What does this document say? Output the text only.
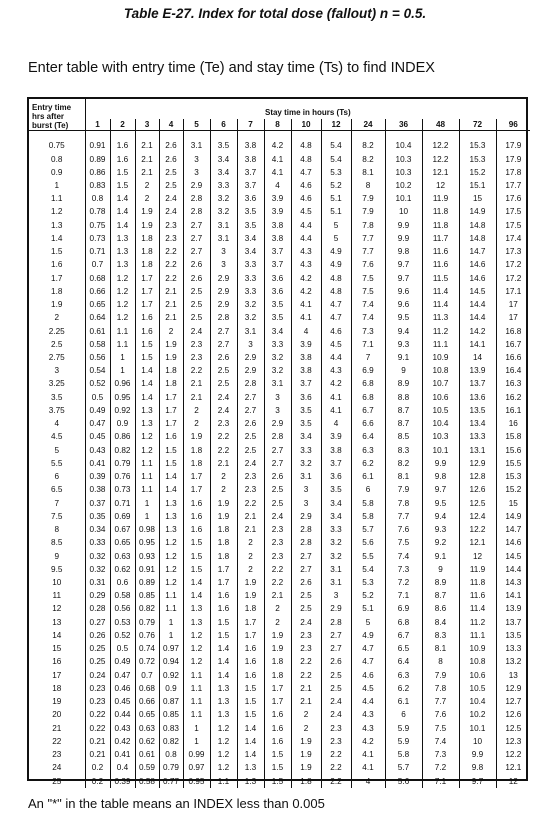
Table E-27. Index for total dose (fallout) n = 0.5.
Enter table with entry time (Te) and stay time (Ts) to find INDEX
Entry time hrs after burst (Te)	Stay time in hours (Ts)														
	1	2	3	4	5	6	7	8	10	12	24	36	48	72	96

0.75	0.91	1.6	2.1	2.6	3.1	3.5	3.8	4.2	4.8	5.4	8.2	10.4	12.2	15.3	17.9
0.8	0.89	1.6	2.1	2.6	3	3.4	3.8	4.1	4.8	5.4	8.2	10.3	12.2	15.3	17.9
0.9	0.86	1.5	2.1	2.5	3	3.4	3.7	4.1	4.7	5.3	8.1	10.3	12.1	15.2	17.8
1	0.83	1.5	2	2.5	2.9	3.3	3.7	4	4.6	5.2	8	10.2	12	15.1	17.7
1.1	0.8	1.4	2	2.4	2.8	3.2	3.6	3.9	4.6	5.1	7.9	10.1	11.9	15	17.6
1.2	0.78	1.4	1.9	2.4	2.8	3.2	3.5	3.9	4.5	5.1	7.9	10	11.8	14.9	17.5
1.3	0.75	1.4	1.9	2.3	2.7	3.1	3.5	3.8	4.4	5	7.8	9.9	11.8	14.8	17.5
1.4	0.73	1.3	1.8	2.3	2.7	3.1	3.4	3.8	4.4	5	7.7	9.9	11.7	14.8	17.4
1.5	0.71	1.3	1.8	2.2	2.7	3	3.4	3.7	4.3	4.9	7.7	9.8	11.6	14.7	17.3
1.6	0.7	1.3	1.8	2.2	2.6	3	3.3	3.7	4.3	4.9	7.6	9.7	11.6	14.6	17.2
1.7	0.68	1.2	1.7	2.2	2.6	2.9	3.3	3.6	4.2	4.8	7.5	9.7	11.5	14.6	17.2
1.8	0.66	1.2	1.7	2.1	2.5	2.9	3.3	3.6	4.2	4.8	7.5	9.6	11.4	14.5	17.1
1.9	0.65	1.2	1.7	2.1	2.5	2.9	3.2	3.5	4.1	4.7	7.4	9.6	11.4	14.4	17
2	0.64	1.2	1.6	2.1	2.5	2.8	3.2	3.5	4.1	4.7	7.4	9.5	11.3	14.4	17
2.25	0.61	1.1	1.6	2	2.4	2.7	3.1	3.4	4	4.6	7.3	9.4	11.2	14.2	16.8
2.5	0.58	1.1	1.5	1.9	2.3	2.7	3	3.3	3.9	4.5	7.1	9.3	11.1	14.1	16.7
2.75	0.56	1	1.5	1.9	2.3	2.6	2.9	3.2	3.8	4.4	7	9.1	10.9	14	16.6
3	0.54	1	1.4	1.8	2.2	2.5	2.9	3.2	3.8	4.3	6.9	9	10.8	13.9	16.4
3.25	0.52	0.96	1.4	1.8	2.1	2.5	2.8	3.1	3.7	4.2	6.8	8.9	10.7	13.7	16.3
3.5	0.5	0.95	1.4	1.7	2.1	2.4	2.7	3	3.6	4.1	6.8	8.8	10.6	13.6	16.2
3.75	0.49	0.92	1.3	1.7	2	2.4	2.7	3	3.5	4.1	6.7	8.7	10.5	13.5	16.1
4	0.47	0.9	1.3	1.7	2	2.3	2.6	2.9	3.5	4	6.6	8.7	10.4	13.4	16
4.5	0.45	0.86	1.2	1.6	1.9	2.2	2.5	2.8	3.4	3.9	6.4	8.5	10.3	13.3	15.8
5	0.43	0.82	1.2	1.5	1.8	2.2	2.5	2.7	3.3	3.8	6.3	8.3	10.1	13.1	15.6
5.5	0.41	0.79	1.1	1.5	1.8	2.1	2.4	2.7	3.2	3.7	6.2	8.2	9.9	12.9	15.5
6	0.39	0.76	1.1	1.4	1.7	2	2.3	2.6	3.1	3.6	6.1	8.1	9.8	12.8	15.3
6.5	0.38	0.73	1.1	1.4	1.7	2	2.3	2.5	3	3.5	6	7.9	9.7	12.6	15.2
7	0.37	0.71	1	1.3	1.6	1.9	2.2	2.5	3	3.4	5.8	7.8	9.5	12.5	15
7.5	0.35	0.69	1	1.3	1.6	1.9	2.1	2.4	2.9	3.4	5.8	7.7	9.4	12.4	14.9
8	0.34	0.67	0.98	1.3	1.6	1.8	2.1	2.3	2.8	3.3	5.7	7.6	9.3	12.2	14.7
8.5	0.33	0.65	0.95	1.2	1.5	1.8	2	2.3	2.8	3.2	5.6	7.5	9.2	12.1	14.6
9	0.32	0.63	0.93	1.2	1.5	1.8	2	2.3	2.7	3.2	5.5	7.4	9.1	12	14.5
9.5	0.32	0.62	0.91	1.2	1.5	1.7	2	2.2	2.7	3.1	5.4	7.3	9	11.9	14.4
10	0.31	0.6	0.89	1.2	1.4	1.7	1.9	2.2	2.6	3.1	5.3	7.2	8.9	11.8	14.3
11	0.29	0.58	0.85	1.1	1.4	1.6	1.9	2.1	2.5	3	5.2	7.1	8.7	11.6	14.1
12	0.28	0.56	0.82	1.1	1.3	1.6	1.8	2	2.5	2.9	5.1	6.9	8.6	11.4	13.9
13	0.27	0.53	0.79	1	1.3	1.5	1.7	2	2.4	2.8	5	6.8	8.4	11.2	13.7
14	0.26	0.52	0.76	1	1.2	1.5	1.7	1.9	2.3	2.7	4.9	6.7	8.3	11.1	13.5
15	0.25	0.5	0.74	0.97	1.2	1.4	1.6	1.9	2.3	2.7	4.7	6.5	8.1	10.9	13.3
16	0.25	0.49	0.72	0.94	1.2	1.4	1.6	1.8	2.2	2.6	4.7	6.4	8	10.8	13.2
17	0.24	0.47	0.7	0.92	1.1	1.4	1.6	1.8	2.2	2.5	4.6	6.3	7.9	10.6	13
18	0.23	0.46	0.68	0.9	1.1	1.3	1.5	1.7	2.1	2.5	4.5	6.2	7.8	10.5	12.9
19	0.23	0.45	0.66	0.87	1.1	1.3	1.5	1.7	2.1	2.4	4.4	6.1	7.7	10.4	12.7
20	0.22	0.44	0.65	0.85	1.1	1.3	1.5	1.6	2	2.4	4.3	6	7.6	10.2	12.6
21	0.22	0.43	0.63	0.83	1	1.2	1.4	1.6	2	2.3	4.3	5.9	7.5	10.1	12.5
22	0.21	0.42	0.62	0.82	1	1.2	1.4	1.6	1.9	2.3	4.2	5.9	7.4	10	12.3
23	0.21	0.41	0.61	0.8	0.99	1.2	1.4	1.5	1.9	2.2	4.1	5.8	7.3	9.9	12.2
24	0.2	0.4	0.59	0.79	0.97	1.2	1.3	1.5	1.9	2.2	4.1	5.7	7.2	9.8	12.1
25	0.2	0.39	0.58	0.77	0.95	1.1	1.3	1.5	1.8	2.2	4	5.6	7.1	9.7	12
An "*" in the table means an INDEX less than 0.005
